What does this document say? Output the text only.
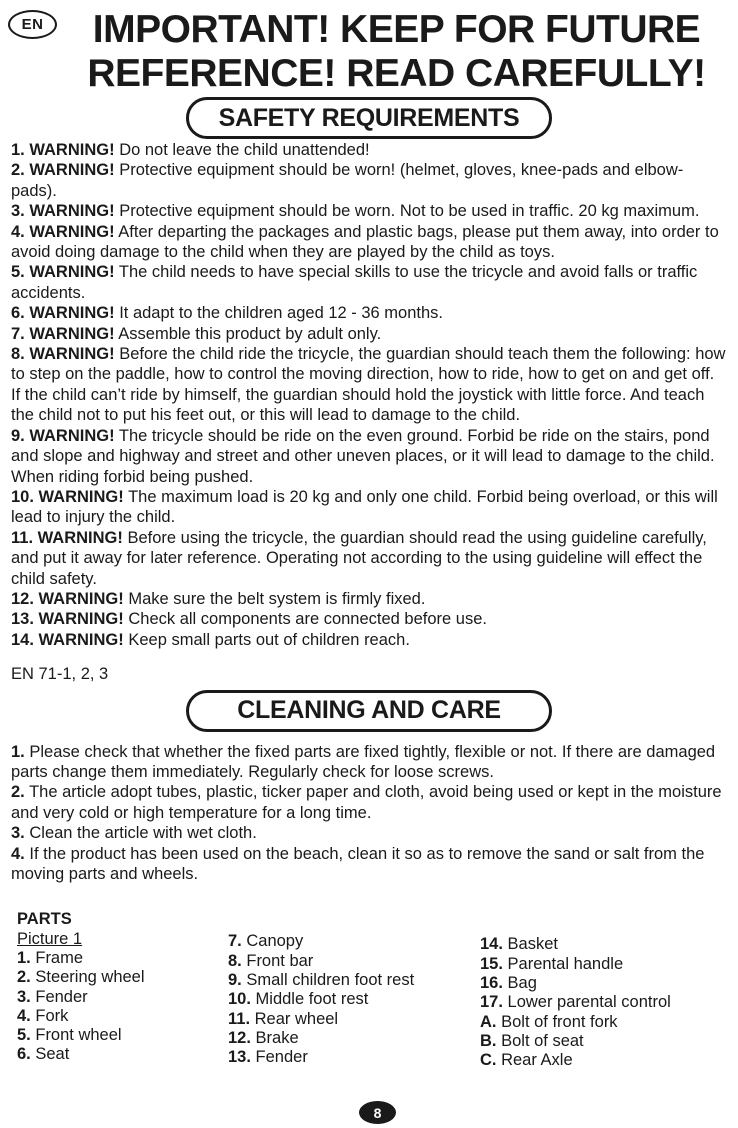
EN	IMPORTANT! KEEP FOR FUTURE
REFERENCE! READ CAREFULLY!
SAFETY REQUIREMENTS

1. WARNING! Do not leave the child unattended!

2. WARNING! Protective equipment should be worn! (helmet, gloves, knee-pads and elbow-pads).

3. WARNING! Protective equipment should be worn. Not to be used in traffic. 20 kg maximum.

4. WARNING! After departing the packages and plastic bags, please put them away, into order to avoid doing damage to the child when they are played by the child as toys.

5. WARNING! The child needs to have special skills to use the tricycle and avoid falls or traffic accidents.

6. WARNING! It adapt to the children aged 12 - 36 months.

7. WARNING! Assemble this product by adult only.

8. WARNING! Before the child ride the tricycle, the guardian should teach them the following: how to step on the paddle, how to control the moving direction, how to ride, how to get on and get off. If the child can’t ride by himself, the guardian should hold the joystick with little force. And teach the child not to put his feet out, or this will lead to damage to the child.

9. WARNING! The tricycle should be ride on the even ground. Forbid be ride on the stairs, pond and slope and highway and street and other uneven places, or it will lead to damage to the child. When riding forbid being pushed.

10. WARNING! The maximum load is 20 kg and only one child. Forbid being overload, or this will lead to injury the child.

11. WARNING! Before using the tricycle, the guardian should read the using guideline carefully, and put it away for later reference. Operating not according to the using guideline will effect the child safety.

12. WARNING! Make sure the belt system is firmly fixed.

13. WARNING! Check all components are connected before use.

14. WARNING! Keep small parts out of children reach.

EN 71-1, 2, 3
CLEANING AND CARE

1. Please check that whether the fixed parts are fixed tightly, flexible or not. If there are damaged parts change them immediately. Regularly check for loose screws.

2. The article adopt tubes, plastic, ticker paper and cloth, avoid being used or kept in the moisture and very cold or high temperature for a long time.

3. Clean the article with wet cloth.

4. If the product has been used on the beach, clean it so as to remove the sand or salt from the moving parts and wheels.

PARTS
Picture 1
1. Frame
2. Steering wheel
3. Fender
4. Fork
5. Front wheel
6. Seat
7. Canopy
8. Front bar
9. Small children foot rest
10. Middle foot rest
11. Rear wheel
12. Brake
13. Fender
14. Basket
15. Parental handle
16. Bag
17. Lower parental control
A. Bolt of front fork
B. Bolt of seat
C. Rear Axle
8
